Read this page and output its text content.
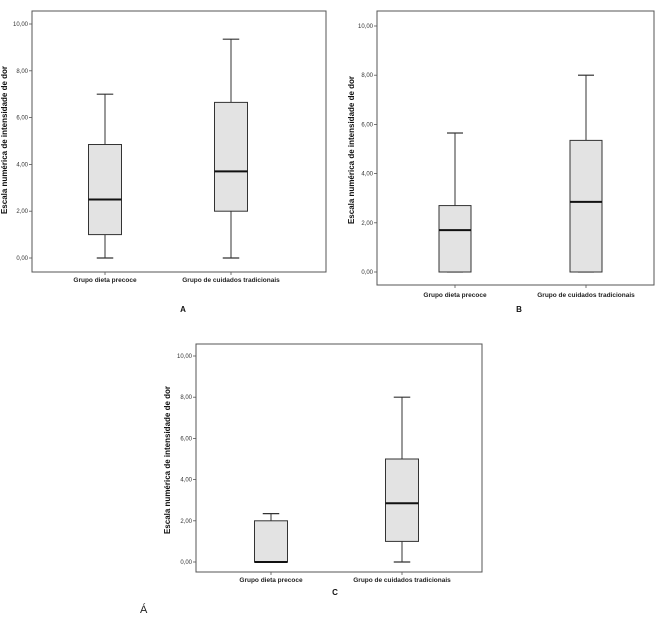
0,00
2,00
4,00
6,00
8,00
10,00
Escala numérica de intensidade de dor
Grupo dieta precoce	Grupo de cuidados tradicionais
A
0,00
2,00
4,00
6,00
8,00
10,00
Escala numérica de intensidade de dor
Grupo dieta precoce	Grupo de cuidados tradicionais
B
0,00
2,00
4,00
6,00
8,00
10,00
Escala numérica de intensidade de dor
Grupo dieta precoce	Grupo de cuidados tradicionais
C
Á
